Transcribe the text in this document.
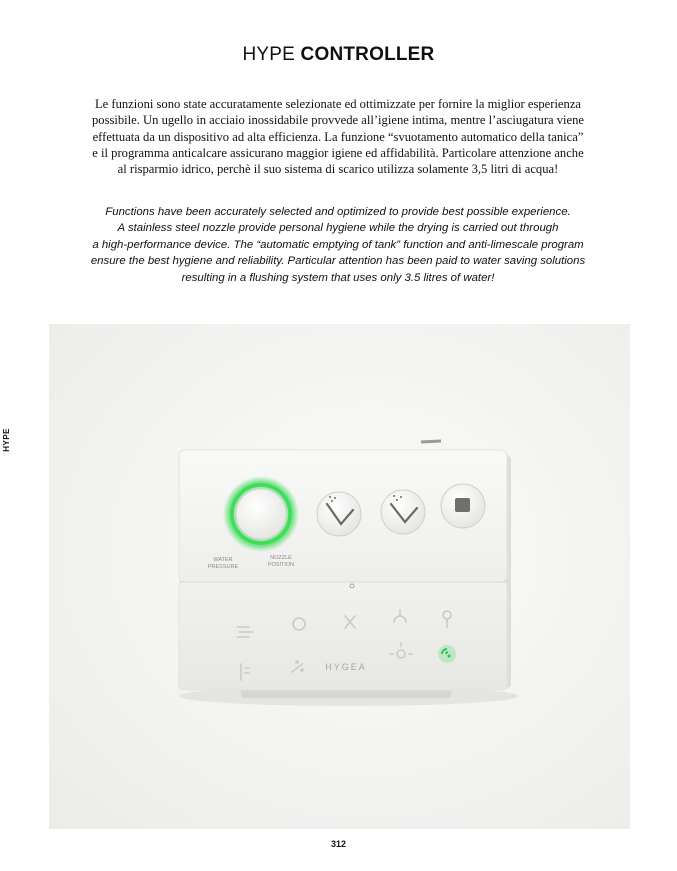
HYPE CONTROLLER
Le funzioni sono state accuratamente selezionate ed ottimizzate per fornire la miglior esperienza
possibile. Un ugello in acciaio inossidabile provvede all’igiene intima, mentre l’asciugatura viene
effettuata da un dispositivo ad alta efficienza. La funzione “svuotamento automatico della tanica”
e il programma anticalcare assicurano maggior igiene ed affidabilità. Particolare attenzione anche
al risparmio idrico, perchè il suo sistema di scarico utilizza solamente 3,5 litri di acqua!
Functions have been accurately selected and optimized to provide best possible experience.
A stainless steel nozzle provide personal hygiene while the drying is carried out through
a high-performance device. The “automatic emptying of tank” function and anti-limescale program
ensure the best hygiene and reliability. Particular attention has been paid to water saving solutions
resulting in a flushing system that uses only 3.5 litres of water!
HYPE
WATER
PRESSURE
NOZZLE
POSITION
HYGEA
312
